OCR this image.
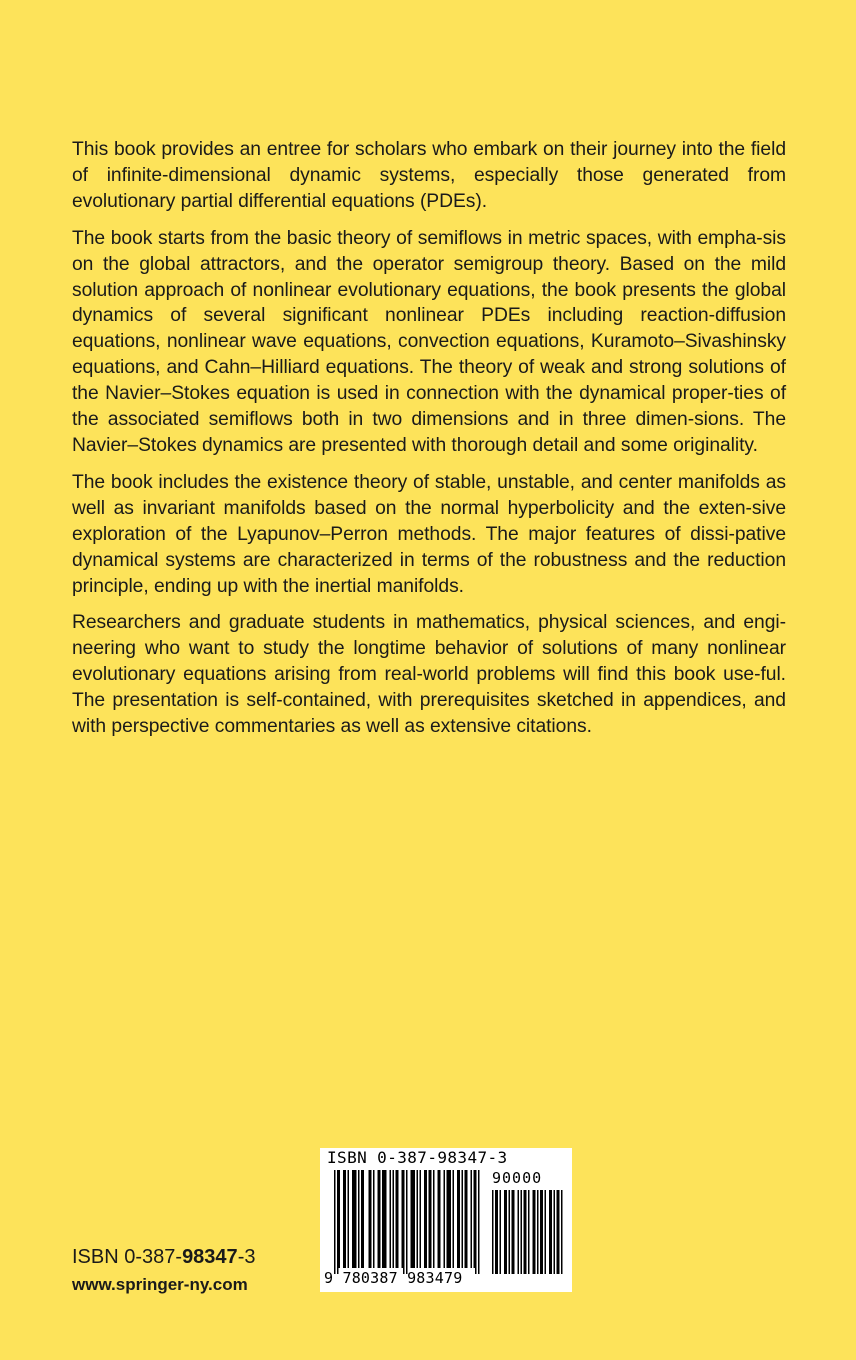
This book provides an entree for scholars who embark on their journey into the field of infinite-dimensional dynamic systems, especially those generated from evolutionary partial differential equations (PDEs).

The book starts from the basic theory of semiflows in metric spaces, with empha-sis on the global attractors, and the operator semigroup theory. Based on the mild solution approach of nonlinear evolutionary equations, the book presents the global dynamics of several significant nonlinear PDEs including reaction-diffusion equations, nonlinear wave equations, convection equations, Kuramoto–Sivashinsky equations, and Cahn–Hilliard equations. The theory of weak and strong solutions of the Navier–Stokes equation is used in connection with the dynamical proper-ties of the associated semiflows both in two dimensions and in three dimen-sions. The Navier–Stokes dynamics are presented with thorough detail and some originality.

The book includes the existence theory of stable, unstable, and center manifolds as well as invariant manifolds based on the normal hyperbolicity and the exten-sive exploration of the Lyapunov–Perron methods. The major features of dissi-pative dynamical systems are characterized in terms of the robustness and the reduction principle, ending up with the inertial manifolds.

Researchers and graduate students in mathematics, physical sciences, and engi-neering who want to study the longtime behavior of solutions of many nonlinear evolutionary equations arising from real-world problems will find this book use-ful. The presentation is self-contained, with prerequisites sketched in appendices, and with perspective commentaries as well as extensive citations.

ISBN 0-387-98347-3
www.springer-ny.com
ISBN 0-387-98347-3
90000
9 780387 983479
